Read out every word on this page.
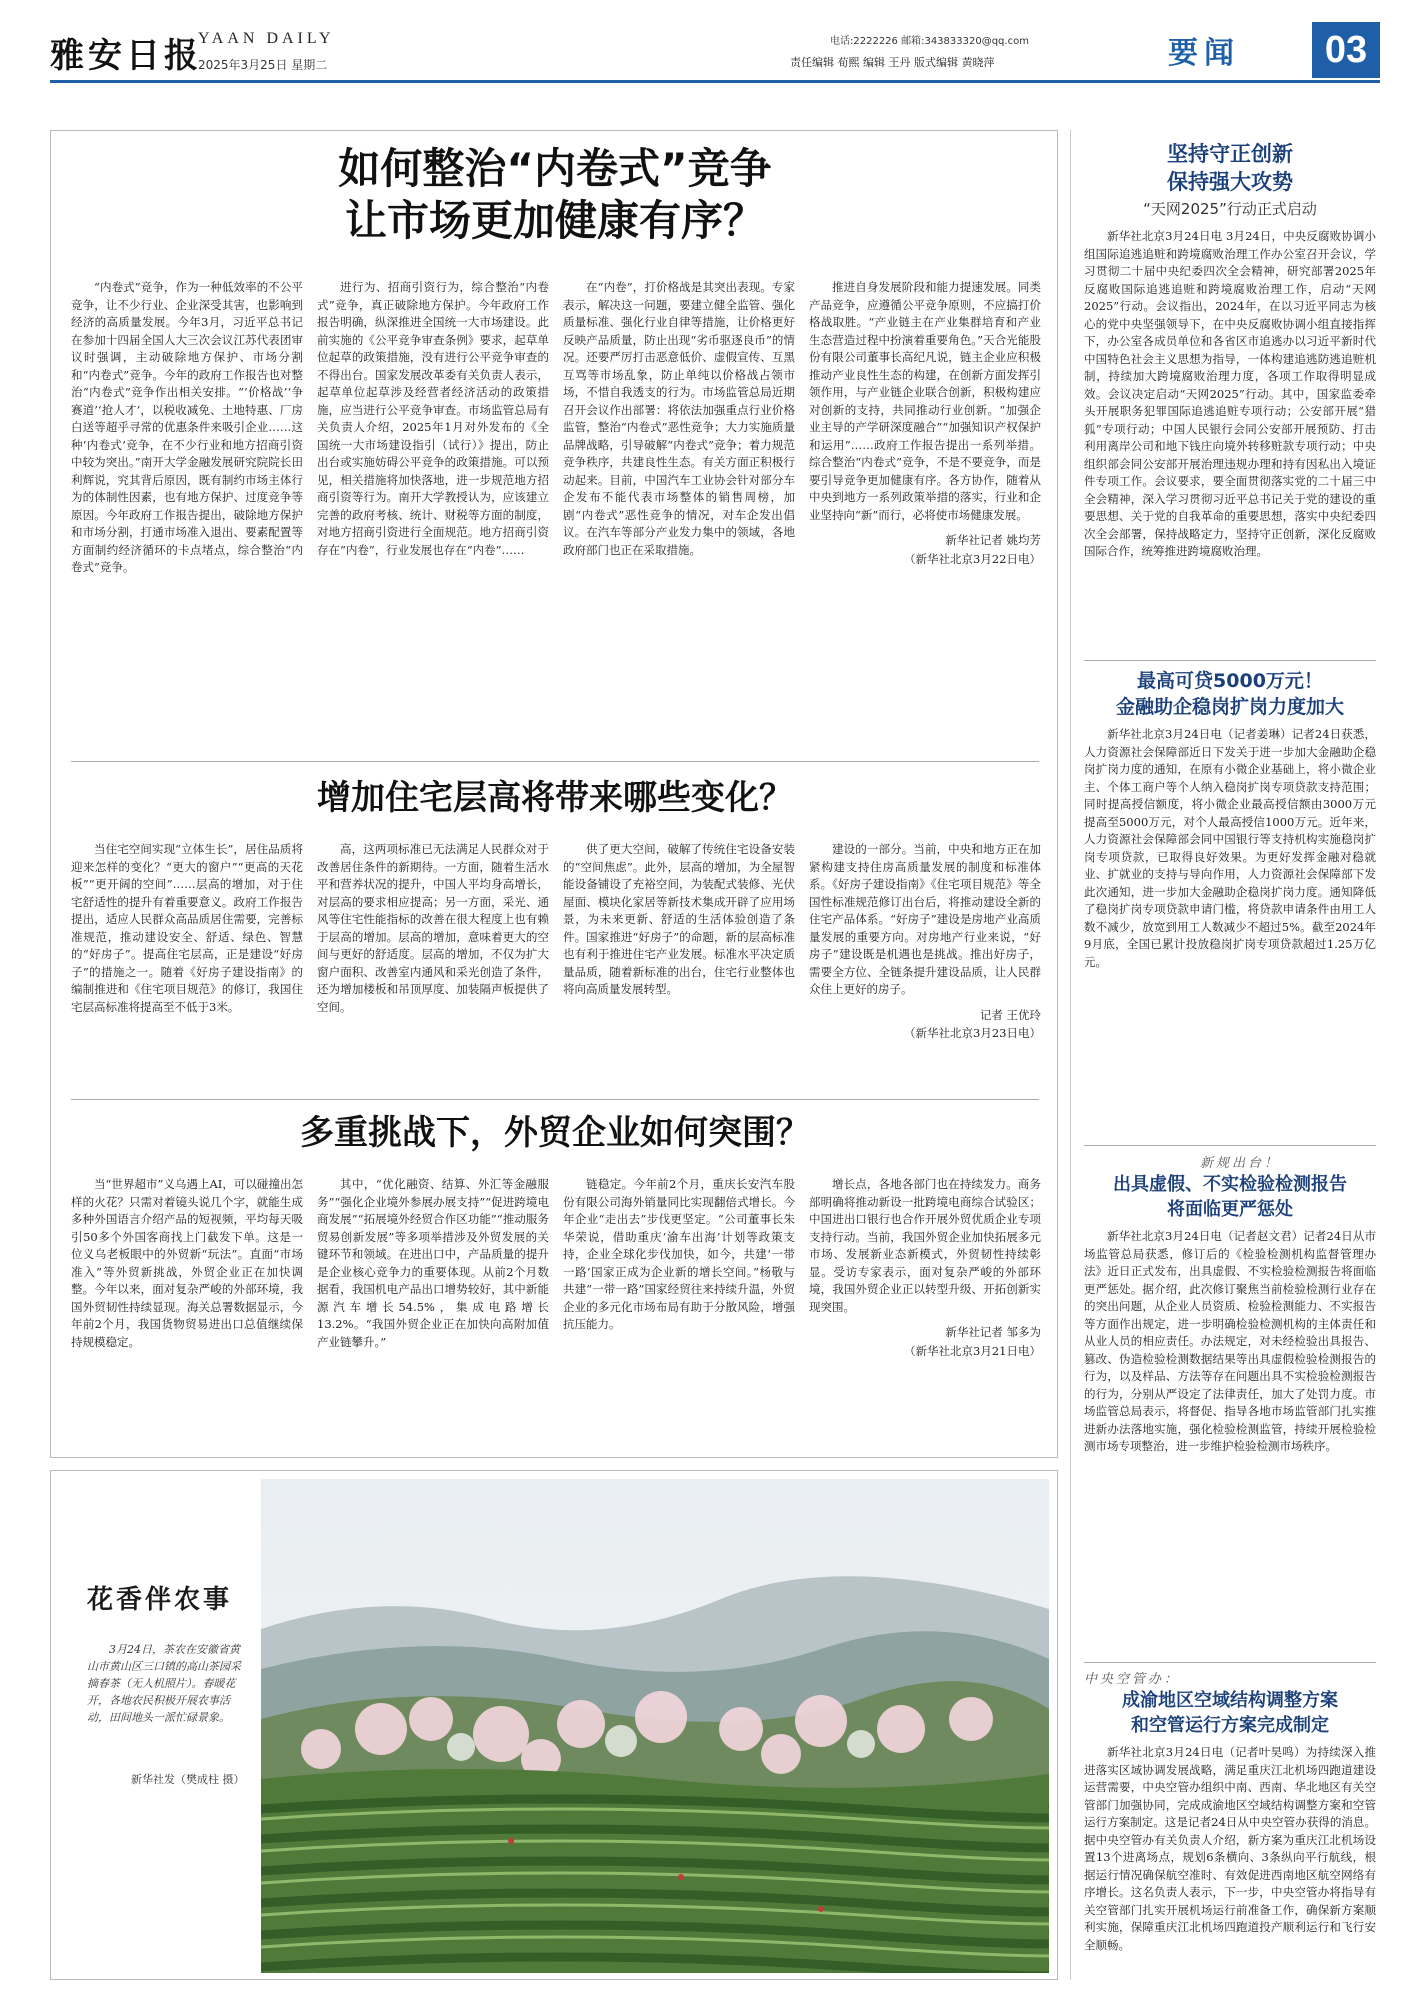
雅安日报
YAAN DAILY
2025年3月25日 星期二
电话:2222226 邮箱:343833320@qq.com
责任编辑 荀熙 编辑 王丹 版式编辑 黄晓萍	要闻	03
如何整治“内卷式”竞争
让市场更加健康有序？

“内卷式”竞争，作为一种低效率的不公平竞争，让不少行业、企业深受其害，也影响到经济的高质量发展。今年3月，习近平总书记在参加十四届全国人大三次会议江苏代表团审议时强调，主动破除地方保护、市场分割和“内卷式”竞争。今年的政府工作报告也对整治“内卷式”竞争作出相关安排。“‘价格战’‘争赛道’‘抢人才’，以税收减免、土地特惠、厂房白送等超乎寻常的优惠条件来吸引企业……这种‘内卷式’竞争，在不少行业和地方招商引资中较为突出。”南开大学金融发展研究院院长田利辉说，究其背后原因，既有制约市场主体行为的体制性因素，也有地方保护、过度竞争等原因。今年政府工作报告提出，破除地方保护和市场分割，打通市场准入退出、要素配置等方面制约经济循环的卡点堵点，综合整治“内卷式”竞争。

进行为、招商引资行为，综合整治“内卷式”竞争，真正破除地方保护。今年政府工作报告明确，纵深推进全国统一大市场建设。此前实施的《公平竞争审查条例》要求，起草单位起草的政策措施，没有进行公平竞争审查的不得出台。国家发展改革委有关负责人表示，起草单位起草涉及经营者经济活动的政策措施，应当进行公平竞争审查。市场监管总局有关负责人介绍，2025年1月对外发布的《全国统一大市场建设指引（试行）》提出，防止出台或实施妨碍公平竞争的政策措施。可以预见，相关措施将加快落地，进一步规范地方招商引资等行为。南开大学教授认为，应该建立完善的政府考核、统计、财税等方面的制度，对地方招商引资进行全面规范。地方招商引资存在“内卷”，行业发展也存在“内卷”……

在“内卷”，打价格战是其突出表现。专家表示，解决这一问题，要建立健全监管、强化质量标准、强化行业自律等措施，让价格更好反映产品质量，防止出现“劣币驱逐良币”的情况。还要严厉打击恶意低价、虚假宣传、互黑互骂等市场乱象，防止单纯以价格战占领市场，不惜自我透支的行为。市场监管总局近期召开会议作出部署：将依法加强重点行业价格监管，整治“内卷式”恶性竞争；大力实施质量品牌战略，引导破解“内卷式”竞争；着力规范竞争秩序，共建良性生态。有关方面正积极行动起来。目前，中国汽车工业协会针对部分车企发布不能代表市场整体的销售周榜，加剧“内卷式”恶性竞争的情况，对车企发出倡议。在汽车等部分产业发力集中的领域，各地政府部门也正在采取措施。

推进自身发展阶段和能力提速发展。同类产品竞争，应遵循公平竞争原则，不应搞打价格战取胜。“产业链主在产业集群培育和产业生态营造过程中扮演着重要角色。”天合光能股份有限公司董事长高纪凡说，链主企业应积极推动产业良性生态的构建，在创新方面发挥引领作用，与产业链企业联合创新，积极构建应对创新的支持，共同推动行业创新。“加强企业主导的产学研深度融合”“加强知识产权保护和运用”……政府工作报告提出一系列举措。综合整治“内卷式”竞争，不是不要竞争，而是要引导竞争更加健康有序。各方协作，随着从中央到地方一系列政策举措的落实，行业和企业坚持向“新”而行，必将使市场健康发展。

新华社记者 姚均芳

（新华社北京3月22日电）

增加住宅层高将带来哪些变化？

当住宅空间实现“立体生长”，居住品质将迎来怎样的变化？“更大的窗户”“更高的天花板”“更开阔的空间”……层高的增加，对于住宅舒适性的提升有着重要意义。政府工作报告提出，适应人民群众高品质居住需要，完善标准规范，推动建设安全、舒适、绿色、智慧的“好房子”。提高住宅层高，正是建设“好房子”的措施之一。随着《好房子建设指南》的编制推进和《住宅项目规范》的修订，我国住宅层高标准将提高至不低于3米。

高，这两项标准已无法满足人民群众对于改善居住条件的新期待。一方面，随着生活水平和营养状况的提升，中国人平均身高增长，对层高的要求相应提高；另一方面，采光、通风等住宅性能指标的改善在很大程度上也有赖于层高的增加。层高的增加，意味着更大的空间与更好的舒适度。层高的增加，不仅为扩大窗户面积、改善室内通风和采光创造了条件，还为增加楼板和吊顶厚度、加装隔声板提供了空间。

供了更大空间，破解了传统住宅设备安装的“空间焦虑”。此外，层高的增加，为全屋智能设备铺设了充裕空间，为装配式装修、光伏屋面、模块化家居等新技术集成开辟了应用场景，为未来更新、舒适的生活体验创造了条件。国家推进“好房子”的命题，新的层高标准也有利于推进住宅产业发展。标准水平决定质量品质，随着新标准的出台，住宅行业整体也将向高质量发展转型。

建设的一部分。当前，中央和地方正在加紧构建支持住房高质量发展的制度和标准体系。《好房子建设指南》《住宅项目规范》等全国性标准规范修订出台后，将推动建设全新的住宅产品体系。“好房子”建设是房地产业高质量发展的重要方向。对房地产行业来说，“好房子”建设既是机遇也是挑战。推出好房子，需要全方位、全链条提升建设品质，让人民群众住上更好的房子。

记者 王优玲

（新华社北京3月23日电）

多重挑战下，外贸企业如何突围？

当“世界超市”义乌遇上AI，可以碰撞出怎样的火花？只需对着镜头说几个字，就能生成多种外国语言介绍产品的短视频，平均每天吸引50多个外国客商找上门截发下单。这是一位义乌老板眼中的外贸新“玩法”。直面“市场准入”等外贸新挑战，外贸企业正在加快调整。今年以来，面对复杂严峻的外部环境，我国外贸韧性持续显现。海关总署数据显示，今年前2个月，我国货物贸易进出口总值继续保持规模稳定。

其中，“优化融资、结算、外汇等金融服务”“强化企业境外参展办展支持”“促进跨境电商发展”“拓展境外经贸合作区功能”“推动服务贸易创新发展”等多项举措涉及外贸发展的关键环节和领域。在进出口中，产品质量的提升是企业核心竞争力的重要体现。从前2个月数据看，我国机电产品出口增势较好，其中新能源汽车增长54.5%，集成电路增长13.2%。“我国外贸企业正在加快向高附加值产业链攀升。”

链稳定。今年前2个月，重庆长安汽车股份有限公司海外销量同比实现翻倍式增长。今年企业“走出去”步伐更坚定。“公司董事长朱华荣说，借助重庆‘渝车出海’计划等政策支持，企业全球化步伐加快，如今，共建‘一带一路’国家正成为企业新的增长空间。”杨敬与共建“一带一路”国家经贸往来持续升温，外贸企业的多元化市场布局有助于分散风险，增强抗压能力。

增长点，各地各部门也在持续发力。商务部明确将推动新设一批跨境电商综合试验区；中国进出口银行也合作开展外贸优质企业专项支持行动。当前，我国外贸企业加快拓展多元市场、发展新业态新模式，外贸韧性持续彰显。受访专家表示，面对复杂严峻的外部环境，我国外贸企业正以转型升级、开拓创新实现突围。

新华社记者 邹多为

（新华社北京3月21日电）

坚持守正创新
保持强大攻势
“天网2025”行动正式启动

新华社北京3月24日电 3月24日，中央反腐败协调小组国际追逃追赃和跨境腐败治理工作办公室召开会议，学习贯彻二十届中央纪委四次全会精神，研究部署2025年反腐败国际追逃追赃和跨境腐败治理工作，启动“天网2025”行动。会议指出，2024年，在以习近平同志为核心的党中央坚强领导下，在中央反腐败协调小组直接指挥下，办公室各成员单位和各省区市追逃办以习近平新时代中国特色社会主义思想为指导，一体构建追逃防逃追赃机制，持续加大跨境腐败治理力度，各项工作取得明显成效。会议决定启动“天网2025”行动。其中，国家监委牵头开展职务犯罪国际追逃追赃专项行动；公安部开展“猎狐”专项行动；中国人民银行会同公安部开展预防、打击利用离岸公司和地下钱庄向境外转移赃款专项行动；中央组织部会同公安部开展治理违规办理和持有因私出入境证件专项工作。会议要求，要全面贯彻落实党的二十届三中全会精神，深入学习贯彻习近平总书记关于党的建设的重要思想、关于党的自我革命的重要思想，落实中央纪委四次全会部署，保持战略定力，坚持守正创新，深化反腐败国际合作，统筹推进跨境腐败治理。

最高可贷5000万元！
金融助企稳岗扩岗力度加大

新华社北京3月24日电（记者姜琳）记者24日获悉，人力资源社会保障部近日下发关于进一步加大金融助企稳岗扩岗力度的通知，在原有小微企业基础上，将小微企业主、个体工商户等个人纳入稳岗扩岗专项贷款支持范围；同时提高授信额度，将小微企业最高授信额由3000万元提高至5000万元，对个人最高授信1000万元。近年来，人力资源社会保障部会同中国银行等支持机构实施稳岗扩岗专项贷款，已取得良好效果。为更好发挥金融对稳就业、扩就业的支持与导向作用，人力资源社会保障部下发此次通知，进一步加大金融助企稳岗扩岗力度。通知降低了稳岗扩岗专项贷款申请门槛，将贷款申请条件由用工人数不减少，放宽到用工人数减少不超过5%。截至2024年9月底，全国已累计投放稳岗扩岗专项贷款超过1.25万亿元。

新规出台！
出具虚假、不实检验检测报告
将面临更严惩处

新华社北京3月24日电（记者赵文君）记者24日从市场监管总局获悉，修订后的《检验检测机构监督管理办法》近日正式发布，出具虚假、不实检验检测报告将面临更严惩处。据介绍，此次修订聚焦当前检验检测行业存在的突出问题，从企业人员资质、检验检测能力、不实报告等方面作出规定，进一步明确检验检测机构的主体责任和从业人员的相应责任。办法规定，对未经检验出具报告、篡改、伪造检验检测数据结果等出具虚假检验检测报告的行为，以及样品、方法等存在问题出具不实检验检测报告的行为，分别从严设定了法律责任，加大了处罚力度。市场监管总局表示，将督促、指导各地市场监管部门扎实推进新办法落地实施，强化检验检测监管，持续开展检验检测市场专项整治，进一步维护检验检测市场秩序。

中央空管办：
成渝地区空域结构调整方案
和空管运行方案完成制定

新华社北京3月24日电（记者叶昊鸣）为持续深入推进落实区域协调发展战略，满足重庆江北机场四跑道建设运营需要，中央空管办组织中南、西南、华北地区有关空管部门加强协同，完成成渝地区空域结构调整方案和空管运行方案制定。这是记者24日从中央空管办获得的消息。据中央空管办有关负责人介绍，新方案为重庆江北机场设置13个进离场点，规划6条横向、3条纵向平行航线，根据运行情况确保航空准时、有效促进西南地区航空网络有序增长。这名负责人表示，下一步，中央空管办将指导有关空管部门扎实开展机场运行前准备工作，确保新方案顺利实施，保障重庆江北机场四跑道投产顺利运行和飞行安全顺畅。

花香伴农事

3月24日，茶农在安徽省黄山市黄山区三口镇的高山茶园采摘春茶（无人机照片）。春暖花开，各地农民积极开展农事活动，田间地头一派忙碌景象。

新华社发（樊成柱 摄）
